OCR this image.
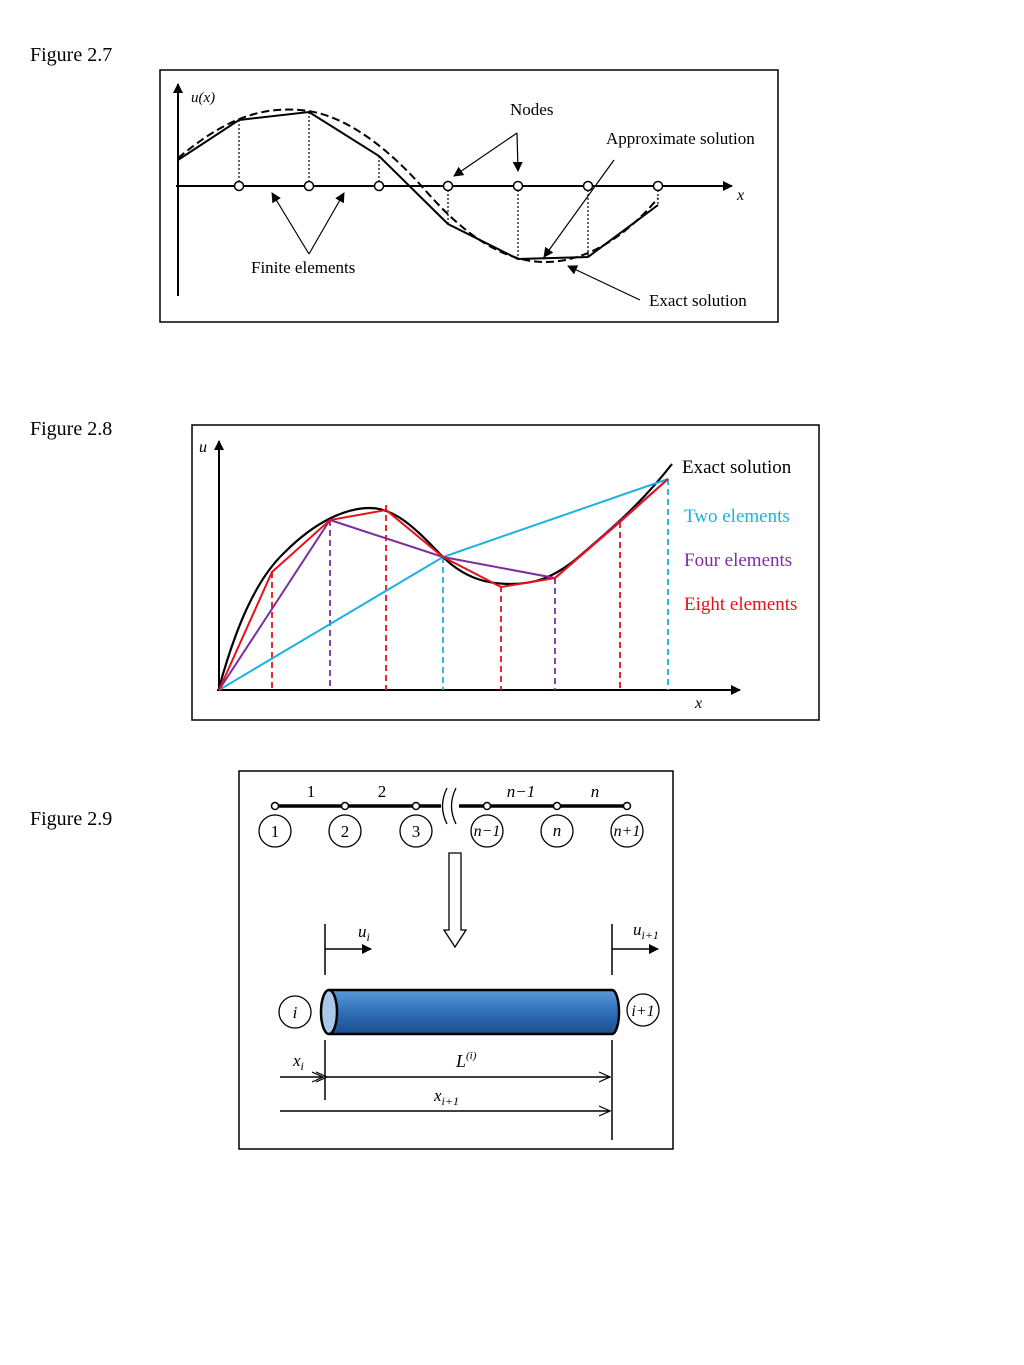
Figure 2.7
Figure 2.8
Figure 2.9
u(x)
x
Nodes
Approximate solution
Finite elements
Exact solution
u
x
Exact solution
Two elements
Four elements
Eight elements
1	2	n−1	n
1	2	3	n−1	n	n+1
$u_i$	$u_{i+1}$
i	i+1
$x_i$	$L^{(i)}$
$x_{i+1}$
